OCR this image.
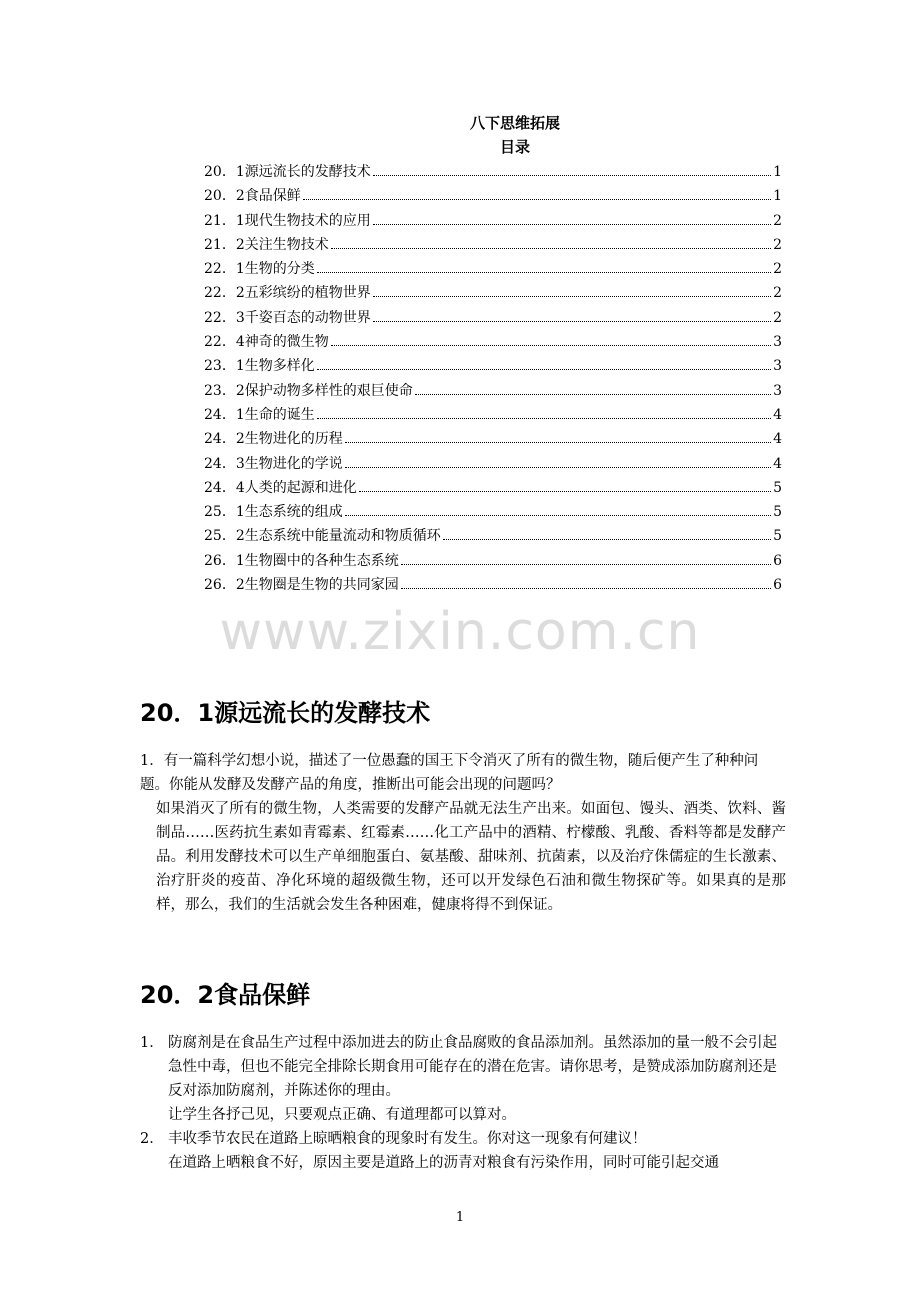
八下思维拓展
目录
20．1源远流长的发酵技术	1
20．2食品保鲜	1
21．1现代生物技术的应用	2
21．2关注生物技术	2
22．1生物的分类	2
22．2五彩缤纷的植物世界	2
22．3千姿百态的动物世界	2
22．4神奇的微生物	3
23．1生物多样化	3
23．2保护动物多样性的艰巨使命	3
24．1生命的诞生	4
24．2生物进化的历程	4
24．3生物进化的学说	4
24．4人类的起源和进化	5
25．1生态系统的组成	5
25．2生态系统中能量流动和物质循环	5
26．1生物圈中的各种生态系统	6
26．2生物圈是生物的共同家园	6
www.zixin.com.cn
20．1源远流长的发酵技术
1．有一篇科学幻想小说，描述了一位愚蠢的国王下令消灭了所有的微生物，随后便产生了种种问题。你能从发酵及发酵产品的角度，推断出可能会出现的问题吗？
如果消灭了所有的微生物，人类需要的发酵产品就无法生产出来。如面包、馒头、酒类、饮料、酱制品……医药抗生素如青霉素、红霉素……化工产品中的酒精、柠檬酸、乳酸、香料等都是发酵产品。利用发酵技术可以生产单细胞蛋白、氨基酸、甜味剂、抗菌素，以及治疗侏儒症的生长激素、治疗肝炎的疫苗、净化环境的超级微生物，还可以开发绿色石油和微生物探矿等。如果真的是那样，那么，我们的生活就会发生各种困难，健康将得不到保证。
20．2食品保鲜
1． 防腐剂是在食品生产过程中添加进去的防止食品腐败的食品添加剂。虽然添加的量一般不会引起急性中毒，但也不能完全排除长期食用可能存在的潜在危害。请你思考，是赞成添加防腐剂还是反对添加防腐剂，并陈述你的理由。

让学生各抒己见，只要观点正确、有道理都可以算对。

2． 丰收季节农民在道路上晾晒粮食的现象时有发生。你对这一现象有何建议！

在道路上晒粮食不好，原因主要是道路上的沥青对粮食有污染作用，同时可能引起交通

1
